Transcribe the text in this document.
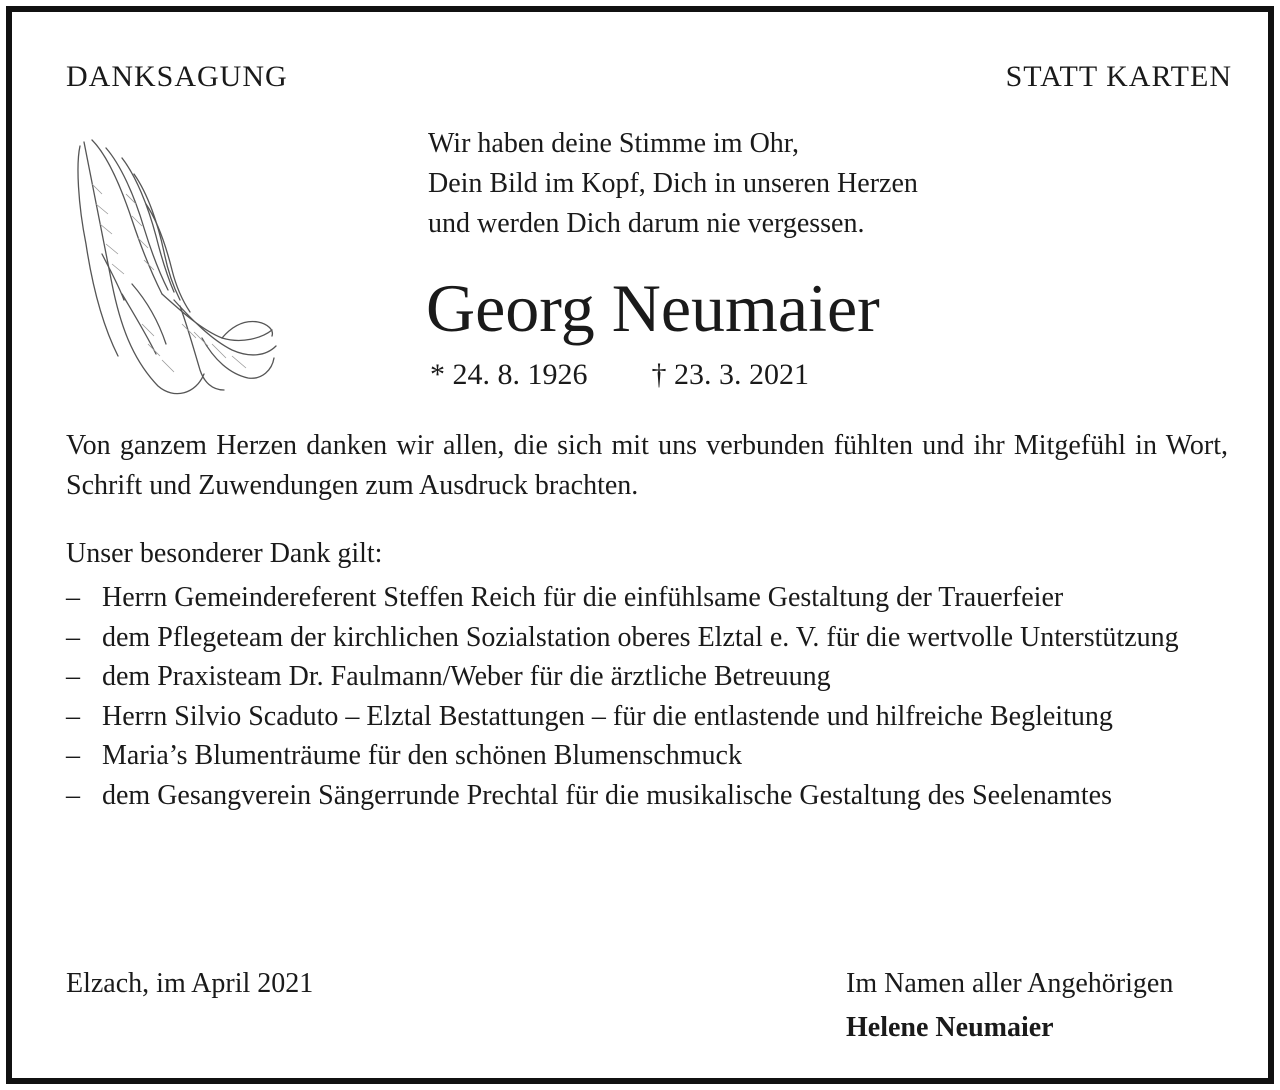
DANKSAGUNG	STATT KARTEN
Wir haben deine Stimme im Ohr,
Dein Bild im Kopf, Dich in unseren Herzen
und werden Dich darum nie vergessen.
Georg Neumaier
* 24. 8. 1926 † 23. 3. 2021
Von ganzem Herzen danken wir allen, die sich mit uns verbunden fühlten und ihr Mitgefühl in Wort, Schrift und Zuwendungen zum Ausdruck brachten.
Unser besonderer Dank gilt:
– Herrn Gemeindereferent Steffen Reich für die einfühlsame Gestaltung der Trauerfeier
– dem Pflegeteam der kirchlichen Sozialstation oberes Elztal e. V. für die wertvolle Unterstützung
– dem Praxisteam Dr. Faulmann/Weber für die ärztliche Betreuung
– Herrn Silvio Scaduto – Elztal Bestattungen – für die entlastende und hilfreiche Begleitung
– Maria’s Blumenträume für den schönen Blumenschmuck
– dem Gesangverein Sängerrunde Prechtal für die musikalische Gestaltung des Seelenamtes
Elzach, im April 2021	Im Namen aller Angehörigen
Helene Neumaier
